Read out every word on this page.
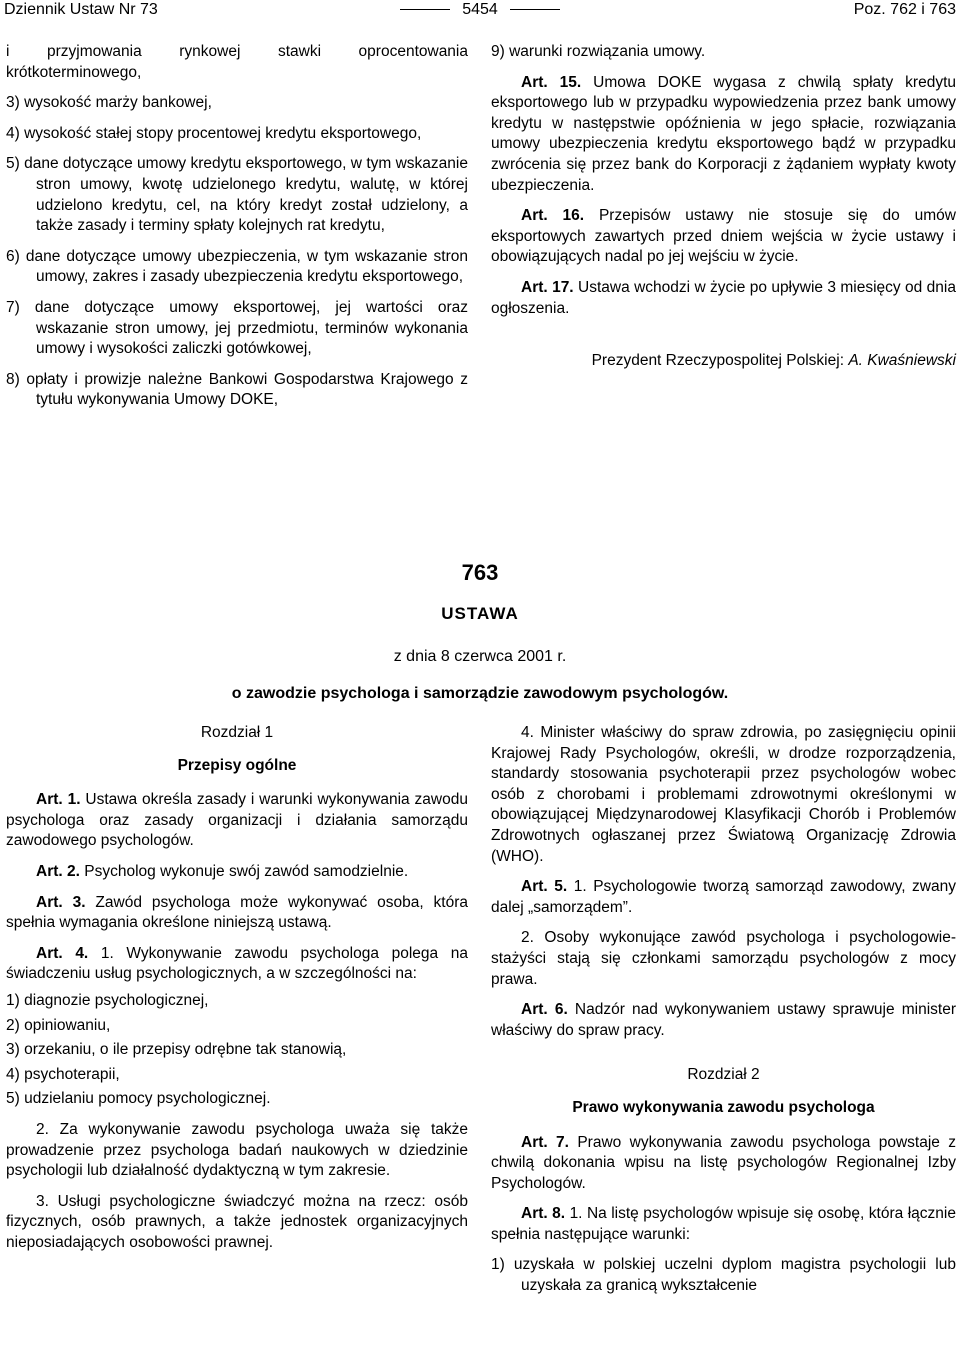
Dziennik Ustaw Nr 73	5454	Poz. 762 i 763

i przyjmowania rynkowej stawki oprocentowania krótkoterminowego,

3) wysokość marży bankowej,

4) wysokość stałej stopy procentowej kredytu eksportowego,

5) dane dotyczące umowy kredytu eksportowego, w tym wskazanie stron umowy, kwotę udzielonego kredytu, walutę, w której udzielono kredytu, cel, na który kredyt został udzielony, a także zasady i terminy spłaty kolejnych rat kredytu,

6) dane dotyczące umowy ubezpieczenia, w tym wskazanie stron umowy, zakres i zasady ubezpieczenia kredytu eksportowego,

7) dane dotyczące umowy eksportowej, jej wartości oraz wskazanie stron umowy, jej przedmiotu, terminów wykonania umowy i wysokości zaliczki gotówkowej,

8) opłaty i prowizje należne Bankowi Gospodarstwa Krajowego z tytułu wykonywania Umowy DOKE,

9) warunki rozwiązania umowy.

Art. 15. Umowa DOKE wygasa z chwilą spłaty kredytu eksportowego lub w przypadku wypowiedzenia przez bank umowy kredytu w następstwie opóźnienia w jego spłacie, rozwiązania umowy ubezpieczenia kredytu eksportowego bądź w przypadku zwrócenia się przez bank do Korporacji z żądaniem wypłaty kwoty ubezpieczenia.

Art. 16. Przepisów ustawy nie stosuje się do umów eksportowych zawartych przed dniem wejścia w życie ustawy i obowiązujących nadal po jej wejściu w życie.

Art. 17. Ustawa wchodzi w życie po upływie 3 miesięcy od dnia ogłoszenia.

Prezydent Rzeczypospolitej Polskiej: A. Kwaśniewski

763
USTAWA
z dnia 8 czerwca 2001 r.
o zawodzie psychologa i samorządzie zawodowym psychologów.

Rozdział 1

Przepisy ogólne

Art. 1. Ustawa określa zasady i warunki wykonywania zawodu psychologa oraz zasady organizacji i działania samorządu zawodowego psychologów.

Art. 2. Psycholog wykonuje swój zawód samodzielnie.

Art. 3. Zawód psychologa może wykonywać osoba, która spełnia wymagania określone niniejszą ustawą.

Art. 4. 1. Wykonywanie zawodu psychologa polega na świadczeniu usług psychologicznych, a w szczególności na:

1) diagnozie psychologicznej,

2) opiniowaniu,

3) orzekaniu, o ile przepisy odrębne tak stanowią,

4) psychoterapii,

5) udzielaniu pomocy psychologicznej.

2. Za wykonywanie zawodu psychologa uważa się także prowadzenie przez psychologa badań naukowych w dziedzinie psychologii lub działalność dydaktyczną w tym zakresie.

3. Usługi psychologiczne świadczyć można na rzecz: osób fizycznych, osób prawnych, a także jednostek organizacyjnych nieposiadających osobowości prawnej.

4. Minister właściwy do spraw zdrowia, po zasięgnięciu opinii Krajowej Rady Psychologów, określi, w drodze rozporządzenia, standardy stosowania psychoterapii przez psychologów wobec osób z chorobami i problemami zdrowotnymi określonymi w obowiązującej Międzynarodowej Klasyfikacji Chorób i Problemów Zdrowotnych ogłaszanej przez Światową Organizację Zdrowia (WHO).

Art. 5. 1. Psychologowie tworzą samorząd zawodowy, zwany dalej „samorządem”.

2. Osoby wykonujące zawód psychologa i psychologowie-stażyści stają się członkami samorządu psychologów z mocy prawa.

Art. 6. Nadzór nad wykonywaniem ustawy sprawuje minister właściwy do spraw pracy.

Rozdział 2

Prawo wykonywania zawodu psychologa

Art. 7. Prawo wykonywania zawodu psychologa powstaje z chwilą dokonania wpisu na listę psychologów Regionalnej Izby Psychologów.

Art. 8. 1. Na listę psychologów wpisuje się osobę, która łącznie spełnia następujące warunki:

1) uzyskała w polskiej uczelni dyplom magistra psychologii lub uzyskała za granicą wykształcenie
